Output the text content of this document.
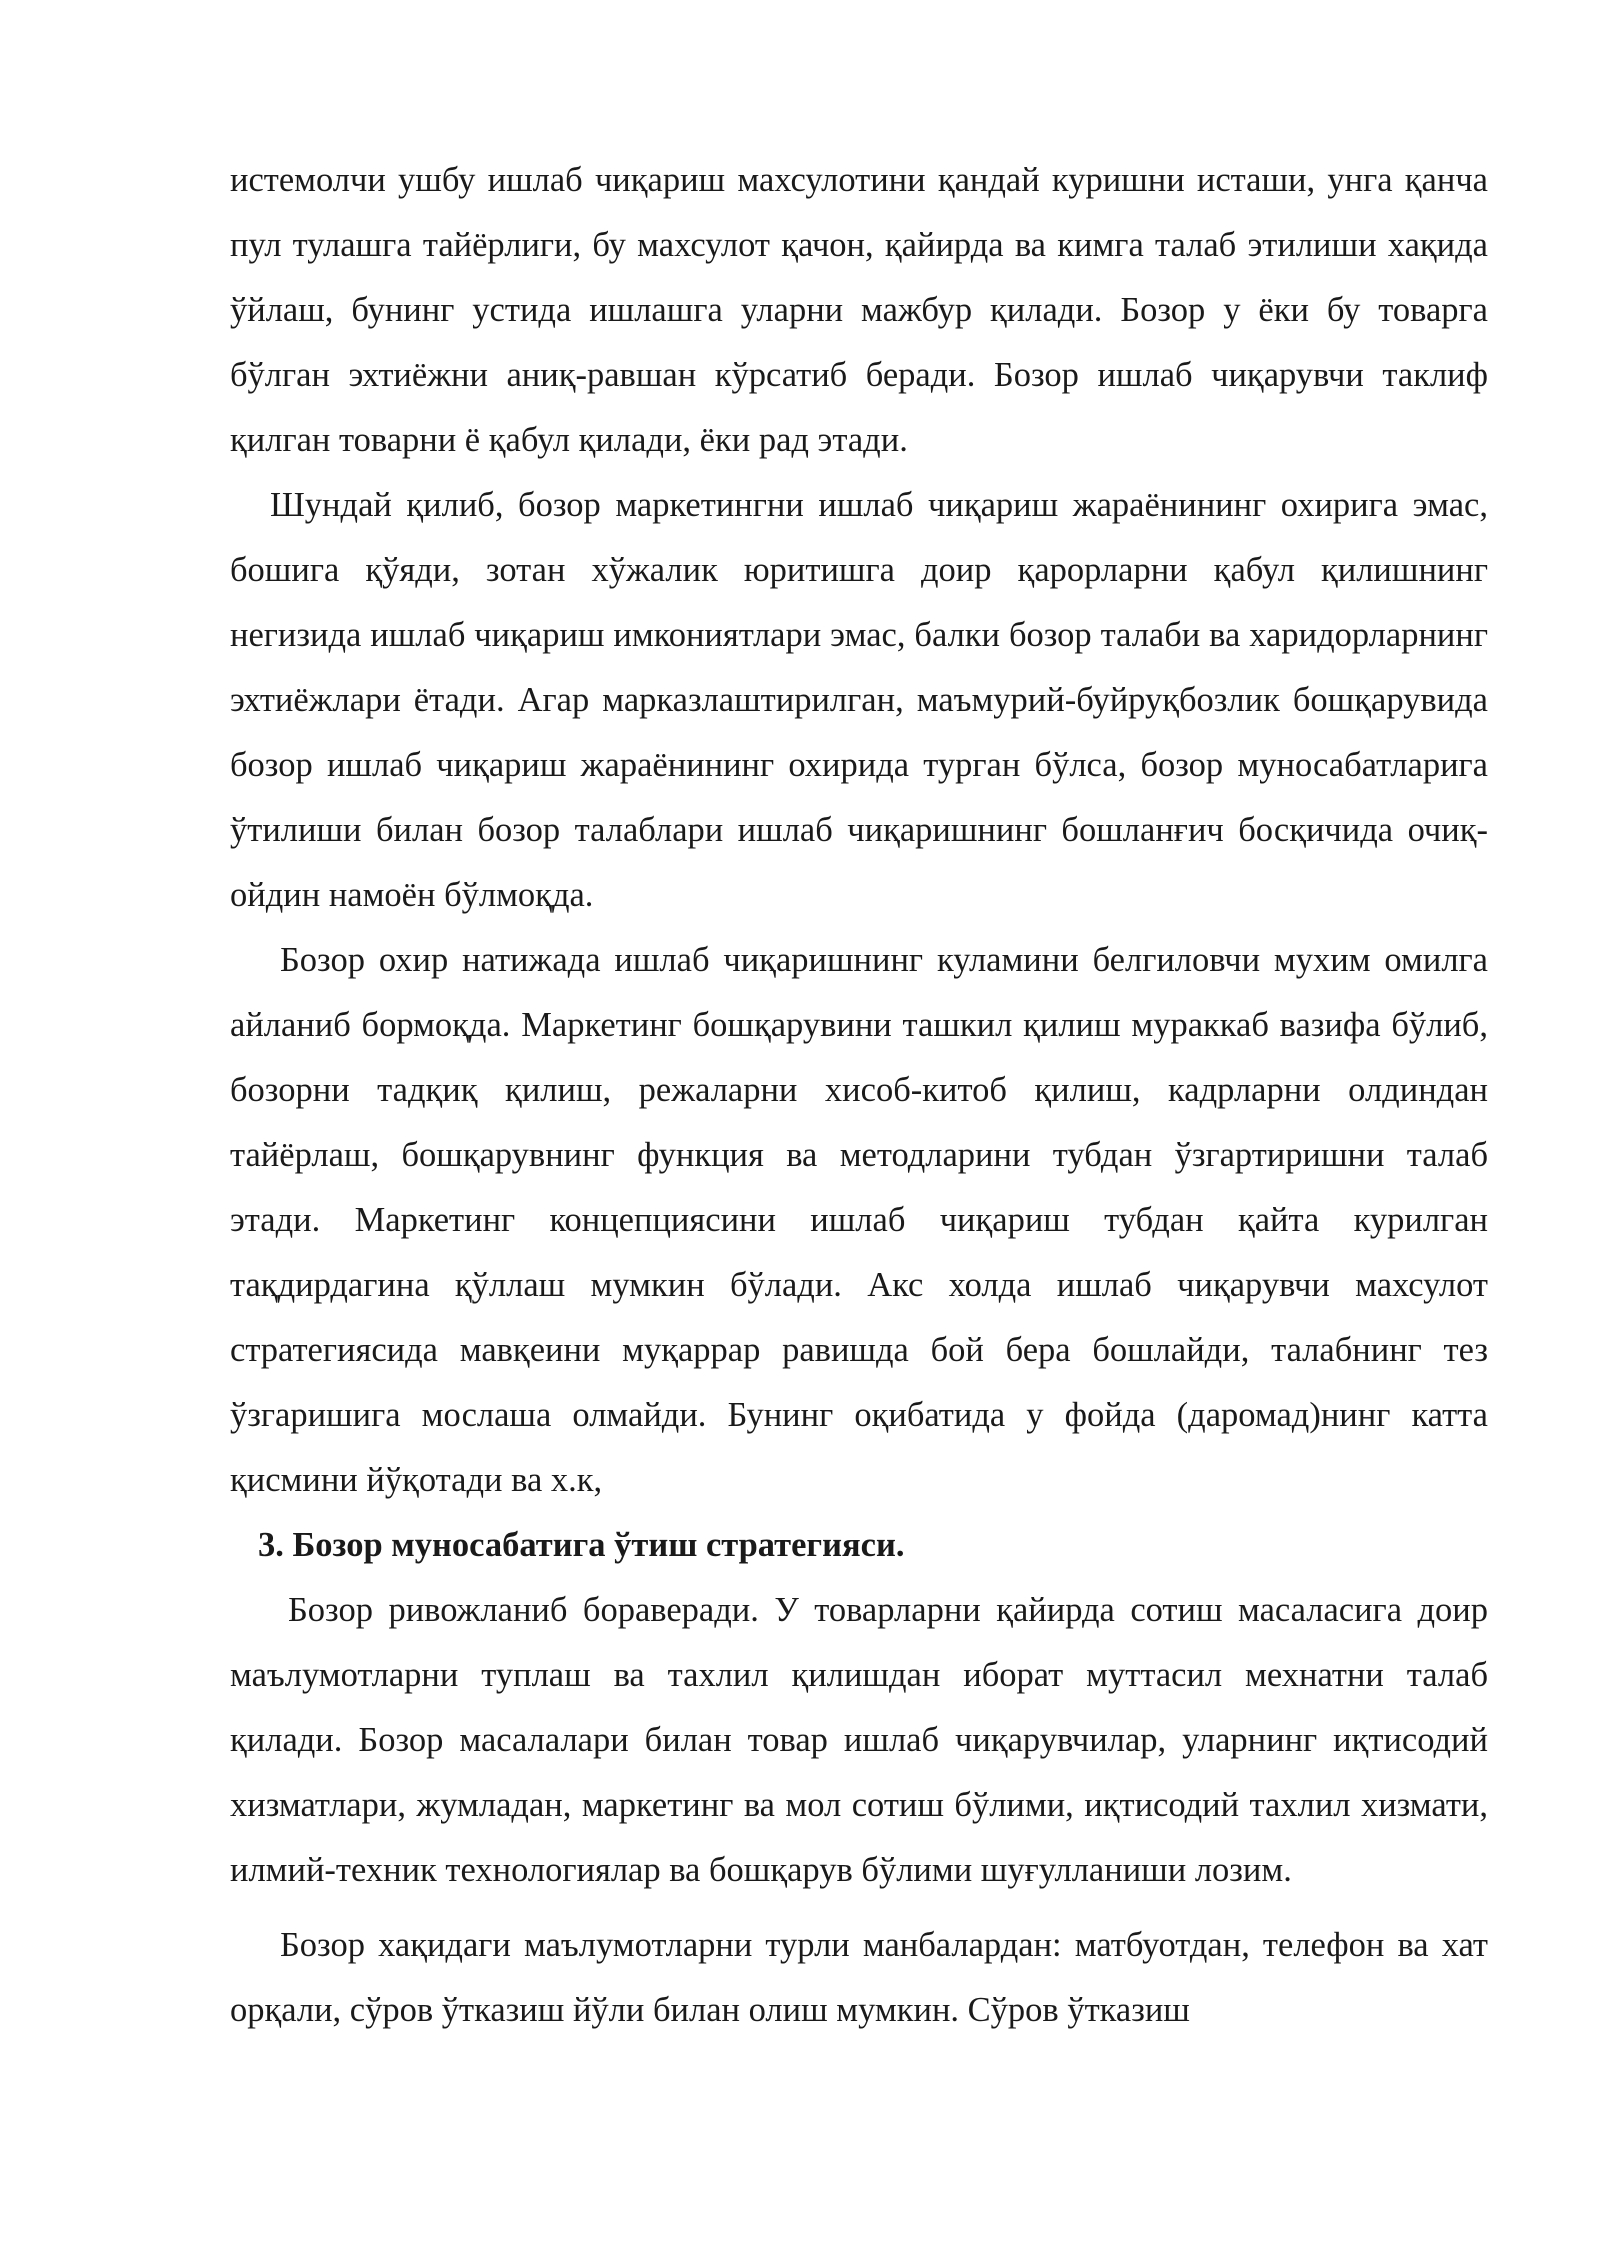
истемолчи ушбу ишлаб чиқариш махсулотини қандай куришни исташи, унга қанча пул тулашга тайёрлиги, бу махсулот қачон, қайирда ва кимга талаб этилиши хақида ўйлаш, бунинг устида ишлашга уларни мажбур қилади. Бозор у ёки бу товарга бўлган эхтиёжни аниқ-равшан кўрсатиб беради. Бозор ишлаб чиқарувчи таклиф қилган товарни ё қабул қилади, ёки рад этади.

Шундай қилиб, бозор маркетингни ишлаб чиқариш жараёнининг охирига эмас, бошига қўяди, зотан хўжалик юритишга доир қарорларни қабул қилишнинг негизида ишлаб чиқариш имкониятлари эмас, балки бозор талаби ва харидорларнинг эхтиёжлари ётади. Агар марказлаштирилган, маъмурий-буйруқбозлик бошқарувида бозор ишлаб чиқариш жараёнининг охирида турган бўлса, бозор муносабатларига ўтилиши билан бозор талаблари ишлаб чиқаришнинг бошланғич босқичида очиқ-ойдин намоён бўлмоқда.

Бозор охир натижада ишлаб чиқаришнинг куламини белгиловчи мухим омилга айланиб бормоқда. Маркетинг бошқарувини ташкил қилиш мураккаб вазифа бўлиб, бозорни тадқиқ қилиш, режаларни хисоб-китоб қилиш, кадрларни олдиндан тайёрлаш, бошқарувнинг функция ва методларини тубдан ўзгартиришни талаб этади. Маркетинг концепциясини ишлаб чиқариш тубдан қайта курилган тақдирдагина қўллаш мумкин бўлади. Акс холда ишлаб чиқарувчи махсулот стратегиясида мавқеини муқаррар равишда бой бера бошлайди, талабнинг тез ўзгаришига мослаша олмайди. Бунинг оқибатида у фойда (даромад)нинг катта қисмини йўқотади ва х.к,

3. Бозор муносабатига ўтиш стратегияси.

Бозор ривожланиб бораверади. У товарларни қайирда сотиш масаласига доир маълумотларни туплаш ва тахлил қилишдан иборат муттасил мехнатни талаб қилади. Бозор масалалари билан товар ишлаб чиқарувчилар, уларнинг иқтисодий хизматлари, жумладан, маркетинг ва мол сотиш бўлими, иқтисодий тахлил хизмати, илмий-техник технологиялар ва бошқарув бўлими шуғулланиши лозим.

Бозор хақидаги маълумотларни турли манбалардан: матбуотдан, телефон ва хат орқали, сўров ўтказиш йўли билан олиш мумкин. Сўров ўтказиш
